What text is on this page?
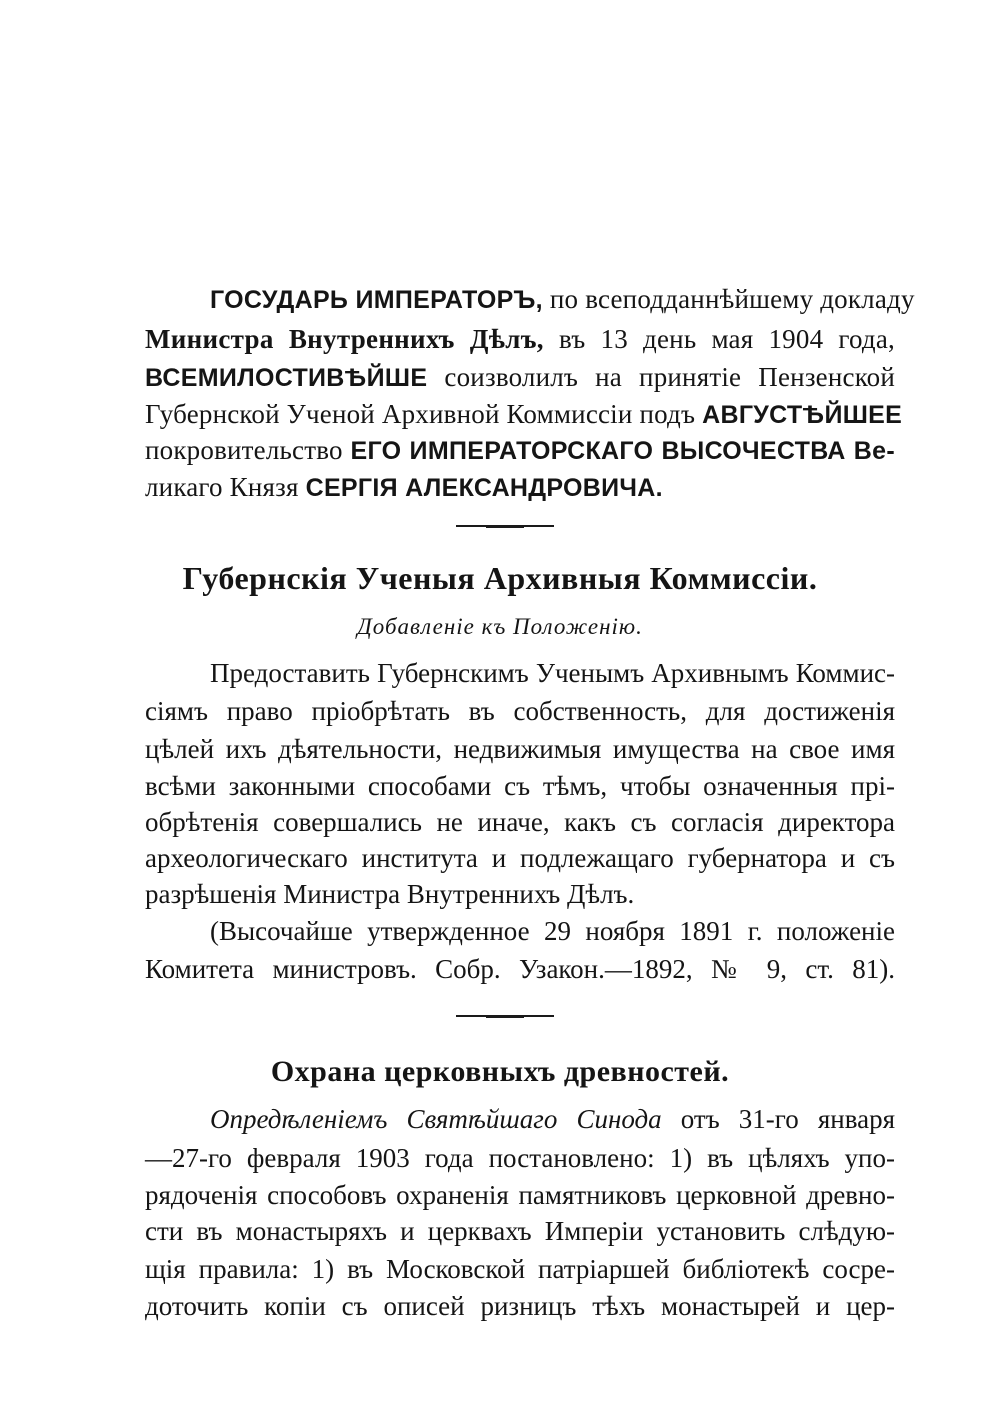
ГОСУДАРЬ ИМПЕРАТОРЪ, по всеподданнѣйшему докладу
Министра Внутреннихъ Дѣлъ, въ 13 день мая 1904 года,
ВСЕМИЛОСТИВѢЙШЕ соизволилъ на принятіе Пензенской
Губернской Ученой Архивной Коммиссіи подъ АВГУСТѢЙШЕЕ
покровительство ЕГО ИМПЕРАТОРСКАГО ВЫСОЧЕСТВА Ве-
ликаго Князя СЕРГІЯ АЛЕКСАНДРОВИЧА.
Губернскія Ученыя Архивныя Коммиссіи.
Добавленіе къ Положенію.
Предоставить Губернскимъ Ученымъ Архивнымъ Коммис-
сіямъ право пріобрѣтать въ собственность, для достиженія
цѣлей ихъ дѣятельности, недвижимыя имущества на свое имя
всѣми законными способами съ тѣмъ, чтобы означенныя прі-
обрѣтенія совершались не иначе, какъ съ согласія директора
археологическаго института и подлежащаго губернатора и съ
разрѣшенія Министра Внутреннихъ Дѣлъ.
(Высочайше утвержденное 29 ноября 1891 г. положеніе
Комитета министровъ. Собр. Узакон.—1892, № 9, ст. 81).
Охрана церковныхъ древностей.
Опредѣленіемъ Святѣйшаго Синода отъ 31-го января
—27-го февраля 1903 года постановлено: 1) въ цѣляхъ упо-
рядоченія способовъ охраненія памятниковъ церковной древно-
сти въ монастыряхъ и церквахъ Имперіи установить слѣдую-
щія правила: 1) въ Московской патріаршей библіотекѣ сосре-
доточить копіи съ описей ризницъ тѣхъ монастырей и цер-
